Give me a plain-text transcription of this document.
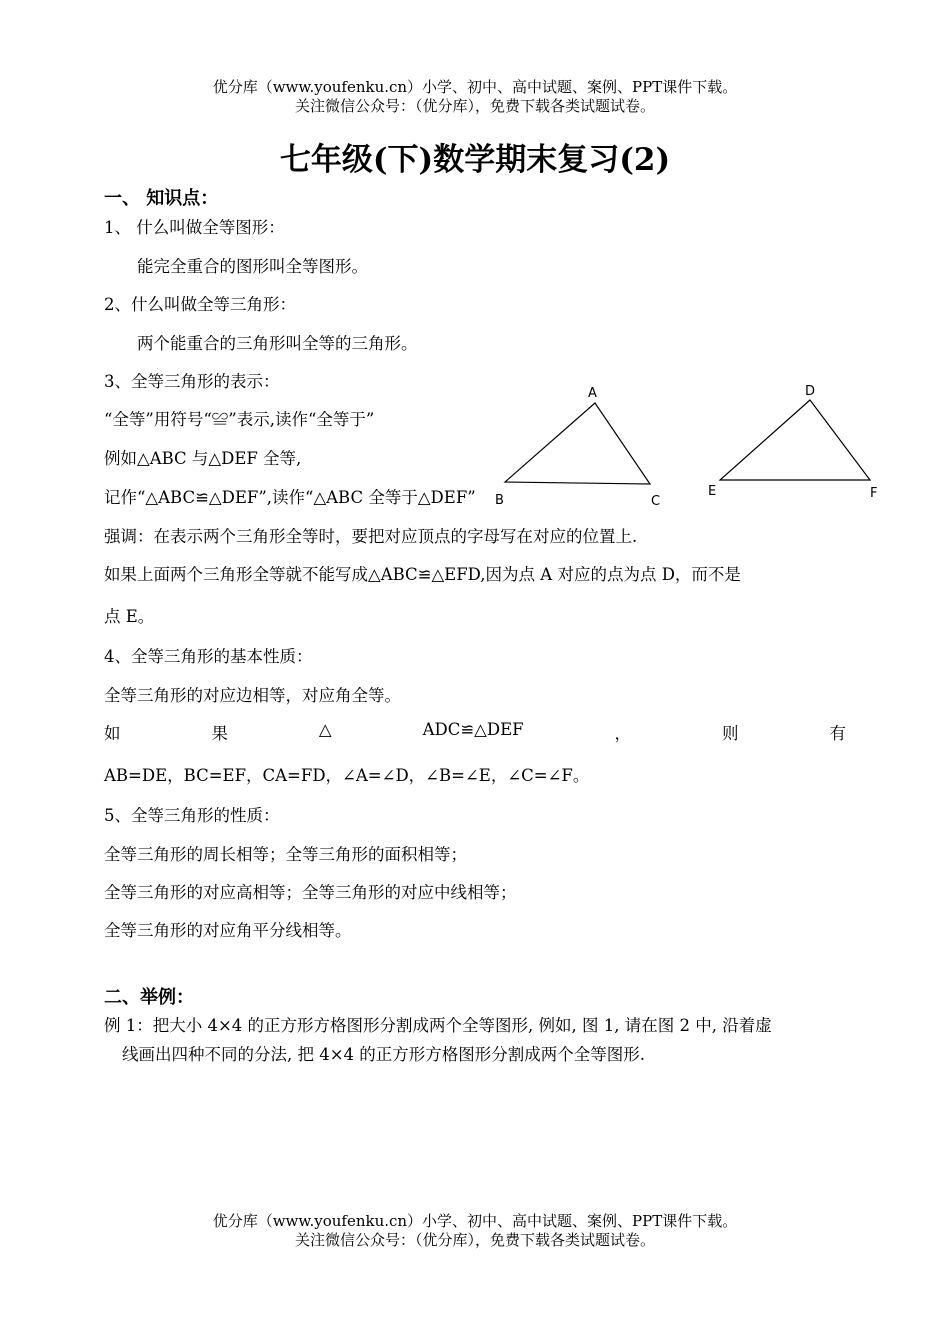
优分库（www.youfenku.cn）小学、初中、高中试题、案例、PPT课件下载。
关注微信公众号：（优分库），免费下载各类试题试卷。
七年级(下)数学期末复习(2)
一、 知识点：
1、 什么叫做全等图形：
能完全重合的图形叫全等图形。
2、什么叫做全等三角形：
两个能重合的三角形叫全等的三角形。
3、全等三角形的表示：
“全等”用符号“≌”表示,读作“全等于”
例如△ABC 与△DEF 全等,
A
B	C
D
E	F
记作“△ABC≌△DEF”,读作“△ABC 全等于△DEF”
强调：在表示两个三角形全等时，要把对应顶点的字母写在对应的位置上.
如果上面两个三角形全等就不能写成△ABC≌△EFD,因为点 A 对应的点为点 D，而不是
点 E。
4、全等三角形的基本性质：
全等三角形的对应边相等，对应角全等。
如	果	△	ADC≌△DEF	，	则	有
AB=DE，BC=EF，CA=FD，∠A=∠D，∠B=∠E，∠C=∠F。
5、全等三角形的性质：
全等三角形的周长相等；全等三角形的面积相等；
全等三角形的对应高相等；全等三角形的对应中线相等；
全等三角形的对应角平分线相等。
二、举例：
例 1：把大小 4×4 的正方形方格图形分割成两个全等图形, 例如, 图 1, 请在图 2 中, 沿着虚
线画出四种不同的分法, 把 4×4 的正方形方格图形分割成两个全等图形.
优分库（www.youfenku.cn）小学、初中、高中试题、案例、PPT课件下载。
关注微信公众号：（优分库），免费下载各类试题试卷。
